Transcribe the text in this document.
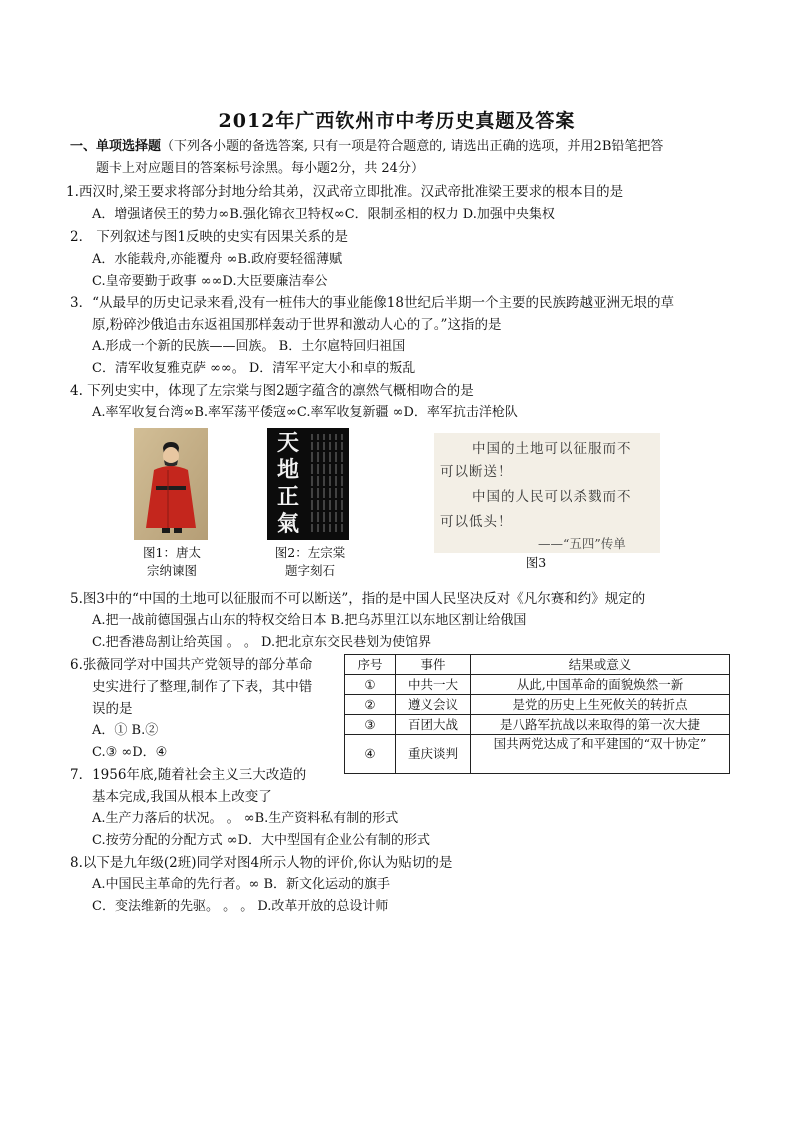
2012年广西钦州市中考历史真题及答案
一、单项选择题（下列各小题的备选答案, 只有一项是符合题意的, 请选出正确的选项，并用2B铅笔把答
题卡上对应题目的答案标号涂黑。每小题2分，共 24分）
1.西汉时,梁王要求将部分封地分给其弟，汉武帝立即批准。汉武帝批准梁王要求的根本目的是
A．增强诸侯王的势力∞B.强化锦衣卫特权∞C．限制丞相的权力 D.加强中央集权
2． 下列叙述与图1反映的史实有因果关系的是
A．水能载舟,亦能覆舟 ∞B.政府要轻徭薄赋
C.皇帝要勤于政事 ∞∞D.大臣要廉洁奉公
3．“从最早的历史记录来看,没有一桩伟大的事业能像18世纪后半期一个主要的民族跨越亚洲无垠的草
原,粉碎沙俄追击东返祖国那样轰动于世界和激动人心的了。”这指的是
A.形成一个新的民族——回族。 B．土尔扈特回归祖国
C．清军收复雅克萨 ∞∞。 D．清军平定大小和卓的叛乱
4. 下列史实中，体现了左宗棠与图2题字蕴含的凛然气概相吻合的是
A.率军收复台湾∞B.率军荡平倭寇∞C.率军收复新疆 ∞D．率军抗击洋枪队
图1：唐太
宗纳谏图
天
地
正
氣
图2：左宗棠
题字刻石
中国的土地可以征服而不
可以断送！
中国的人民可以杀戮而不
可以低头！
——“五四”传单
图3
5.图3中的“中国的土地可以征服而不可以断送”，指的是中国人民坚决反对《凡尔赛和约》规定的
A.把一战前德国强占山东的特权交给日本 B.把乌苏里江以东地区割让给俄国
C.把香港岛割让给英国 。 。 D.把北京东交民巷划为使馆界
6.张薇同学对中国共产党领导的部分革命
史实进行了整理,制作了下表，其中错
误的是
A．① B.②
C.③ ∞D．④
序号	事件	结果或意义
①	中共一大	从此,中国革命的面貌焕然一新
②	遵义会议	是党的历史上生死攸关的转折点
③	百团大战	是八路军抗战以来取得的第一次大捷
④	重庆谈判	国共两党达成了和平建国的“双十协定”
7．1956年底,随着社会主义三大改造的
基本完成,我国从根本上改变了
A.生产力落后的状况。 。 ∞B.生产资料私有制的形式
C.按劳分配的分配方式 ∞D．大中型国有企业公有制的形式
8.以下是九年级(2班)同学对图4所示人物的评价,你认为贴切的是
A.中国民主革命的先行者。∞ B．新文化运动的旗手
C．变法维新的先驱。 。 。 D.改革开放的总设计师
